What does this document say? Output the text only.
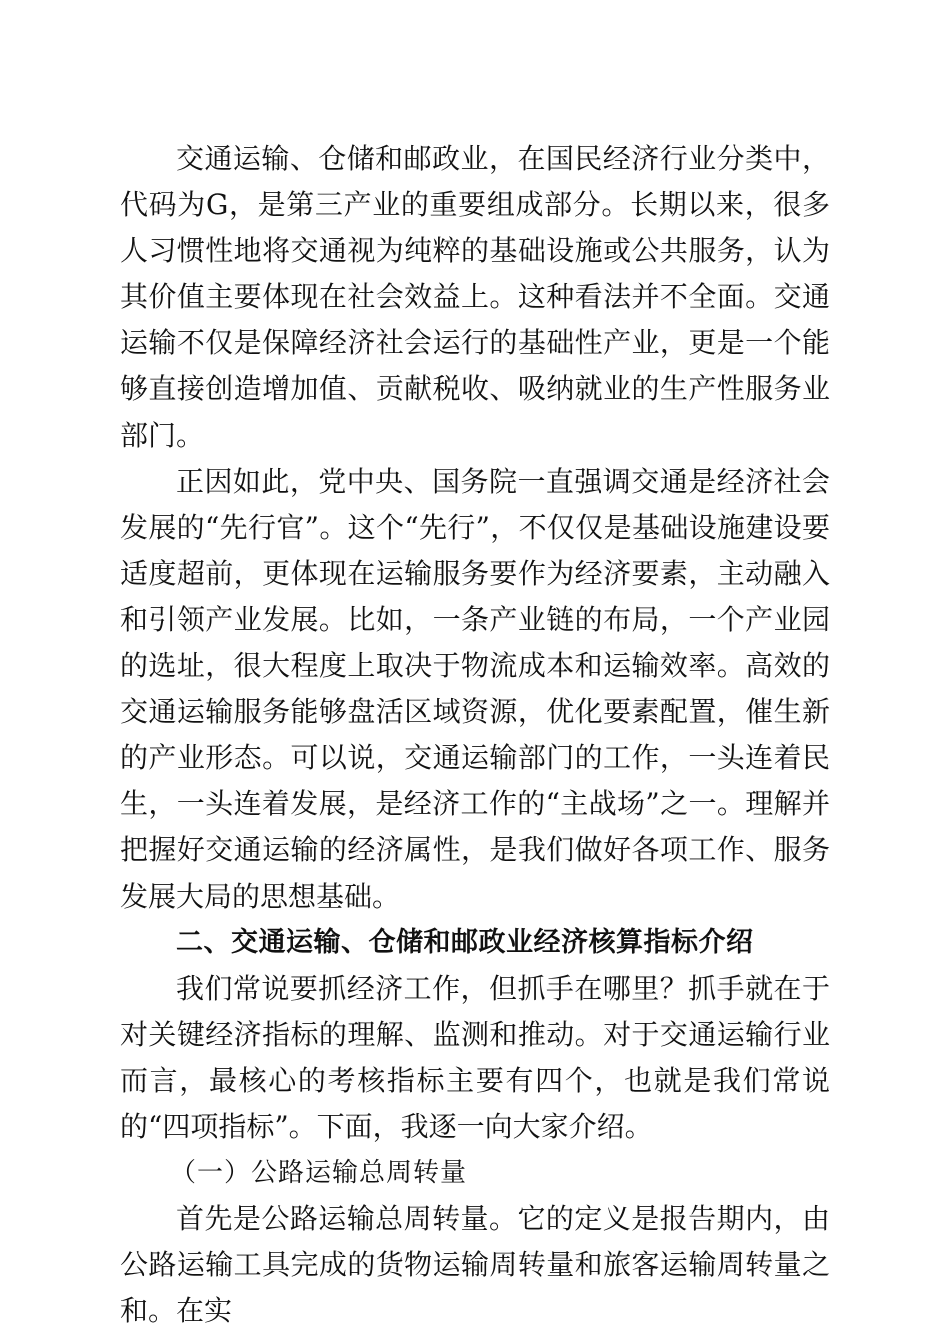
交通运输、仓储和邮政业，在国民经济行业分类中，代码为G，是第三产业的重要组成部分。长期以来，很多人习惯性地将交通视为纯粹的基础设施或公共服务，认为其价值主要体现在社会效益上。这种看法并不全面。交通运输不仅是保障经济社会运行的基础性产业，更是一个能够直接创造增加值、贡献税收、吸纳就业的生产性服务业部门。

正因如此，党中央、国务院一直强调交通是经济社会发展的“先行官”。这个“先行”，不仅仅是基础设施建设要适度超前，更体现在运输服务要作为经济要素，主动融入和引领产业发展。比如，一条产业链的布局，一个产业园的选址，很大程度上取决于物流成本和运输效率。高效的交通运输服务能够盘活区域资源，优化要素配置，催生新的产业形态。可以说，交通运输部门的工作，一头连着民生，一头连着发展，是经济工作的“主战场”之一。理解并把握好交通运输的经济属性，是我们做好各项工作、服务发展大局的思想基础。

二、交通运输、仓储和邮政业经济核算指标介绍

我们常说要抓经济工作，但抓手在哪里？抓手就在于对关键经济指标的理解、监测和推动。对于交通运输行业而言，最核心的考核指标主要有四个，也就是我们常说的“四项指标”。下面，我逐一向大家介绍。

（一）公路运输总周转量

首先是公路运输总周转量。它的定义是报告期内，由公路运输工具完成的货物运输周转量和旅客运输周转量之和。在实
